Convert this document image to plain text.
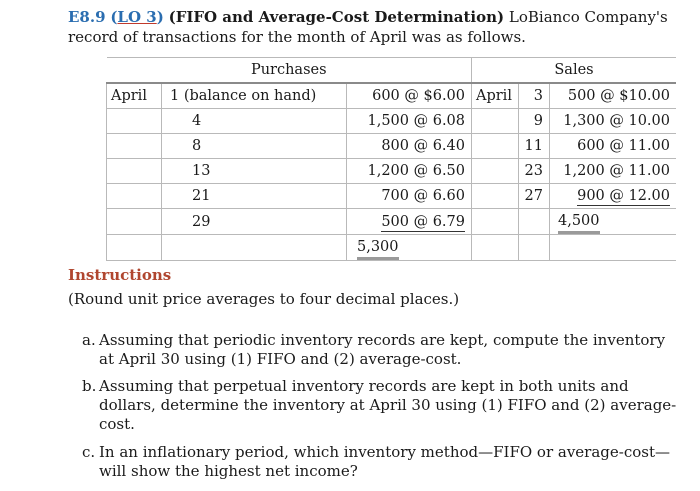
E8.9 (LO 3) (FIFO and Average-Cost Determination) LoBianco Company's record of transactions for the month of April was as follows.
Purchases			Sales		
April	1 (balance on hand)	600 @ $6.00	April	3	500 @ $10.00
	4	1,500 @ 6.08		9	1,300 @ 10.00
	8	800 @ 6.40		11	600 @ 11.00
	13	1,200 @ 6.50		23	1,200 @ 11.00
	21	700 @ 6.60		27	900 @ 12.00
	29	500 @ 6.79			4,500
		5,300			
Instructions
(Round unit price averages to four decimal places.)
a. Assuming that periodic inventory records are kept, compute the inventory at April 30 using (1) FIFO and (2) average-cost.
b. Assuming that perpetual inventory records are kept in both units and dollars, determine the inventory at April 30 using (1) FIFO and (2) average-cost.
c. In an inflationary period, which inventory method—FIFO or average-cost—will show the highest net income?
